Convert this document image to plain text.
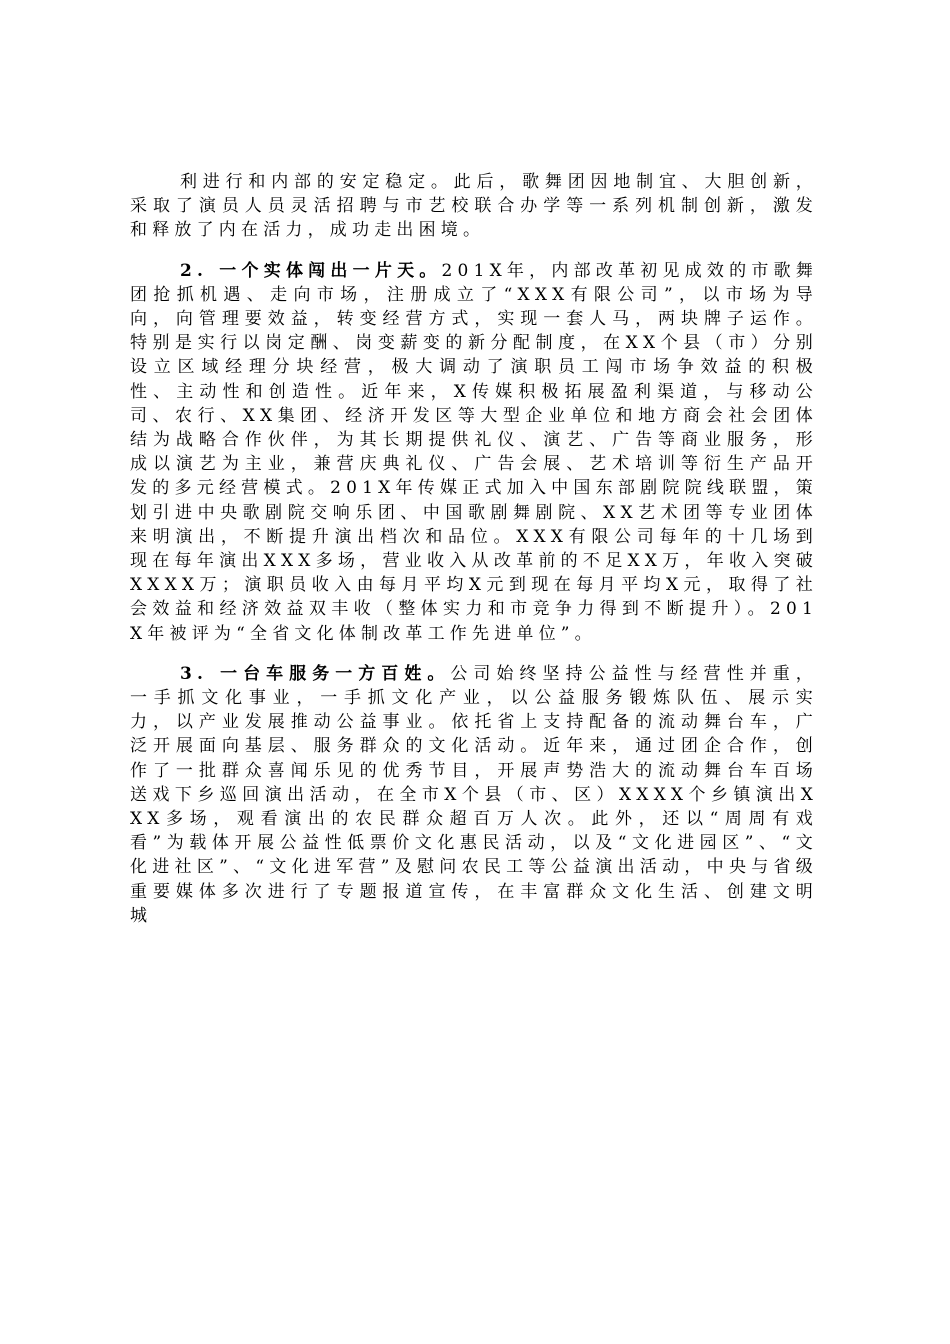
利进行和内部的安定稳定。此后，歌舞团因地制宜、大胆创新，采取了演员人员灵活招聘与市艺校联合办学等一系列机制创新，激发和释放了内在活力，成功走出困境。

2. 一个实体闯出一片天。201X年，内部改革初见成效的市歌舞团抢抓机遇、走向市场，注册成立了“XXX有限公司”，以市场为导向，向管理要效益，转变经营方式，实现一套人马，两块牌子运作。特别是实行以岗定酬、岗变薪变的新分配制度，在XX个县（市）分别设立区域经理分块经营，极大调动了演职员工闯市场争效益的积极性、主动性和创造性。近年来，X传媒积极拓展盈利渠道，与移动公司、农行、XX集团、经济开发区等大型企业单位和地方商会社会团体结为战略合作伙伴，为其长期提供礼仪、演艺、广告等商业服务，形成以演艺为主业，兼营庆典礼仪、广告会展、艺术培训等衍生产品开发的多元经营模式。201X年传媒正式加入中国东部剧院院线联盟，策划引进中央歌剧院交响乐团、中国歌剧舞剧院、XX艺术团等专业团体来明演出，不断提升演出档次和品位。XXX有限公司每年的十几场到现在每年演出XXX多场，营业收入从改革前的不足XX万，年收入突破XXXX万；演职员收入由每月平均X元到现在每月平均X元，取得了社会效益和经济效益双丰收（整体实力和市竞争力得到不断提升）。201X年被评为“全省文化体制改革工作先进单位”。

3. 一台车服务一方百姓。公司始终坚持公益性与经营性并重，一手抓文化事业，一手抓文化产业，以公益服务锻炼队伍、展示实力，以产业发展推动公益事业。依托省上支持配备的流动舞台车，广泛开展面向基层、服务群众的文化活动。近年来，通过团企合作，创作了一批群众喜闻乐见的优秀节目，开展声势浩大的流动舞台车百场送戏下乡巡回演出活动，在全市X个县（市、区）XXXX个乡镇演出XXX多场，观看演出的农民群众超百万人次。此外，还以“周周有戏看”为载体开展公益性低票价文化惠民活动，以及“文化进园区”、“文化进社区”、“文化进军营”及慰问农民工等公益演出活动，中央与省级重要媒体多次进行了专题报道宣传，在丰富群众文化生活、创建文明城
